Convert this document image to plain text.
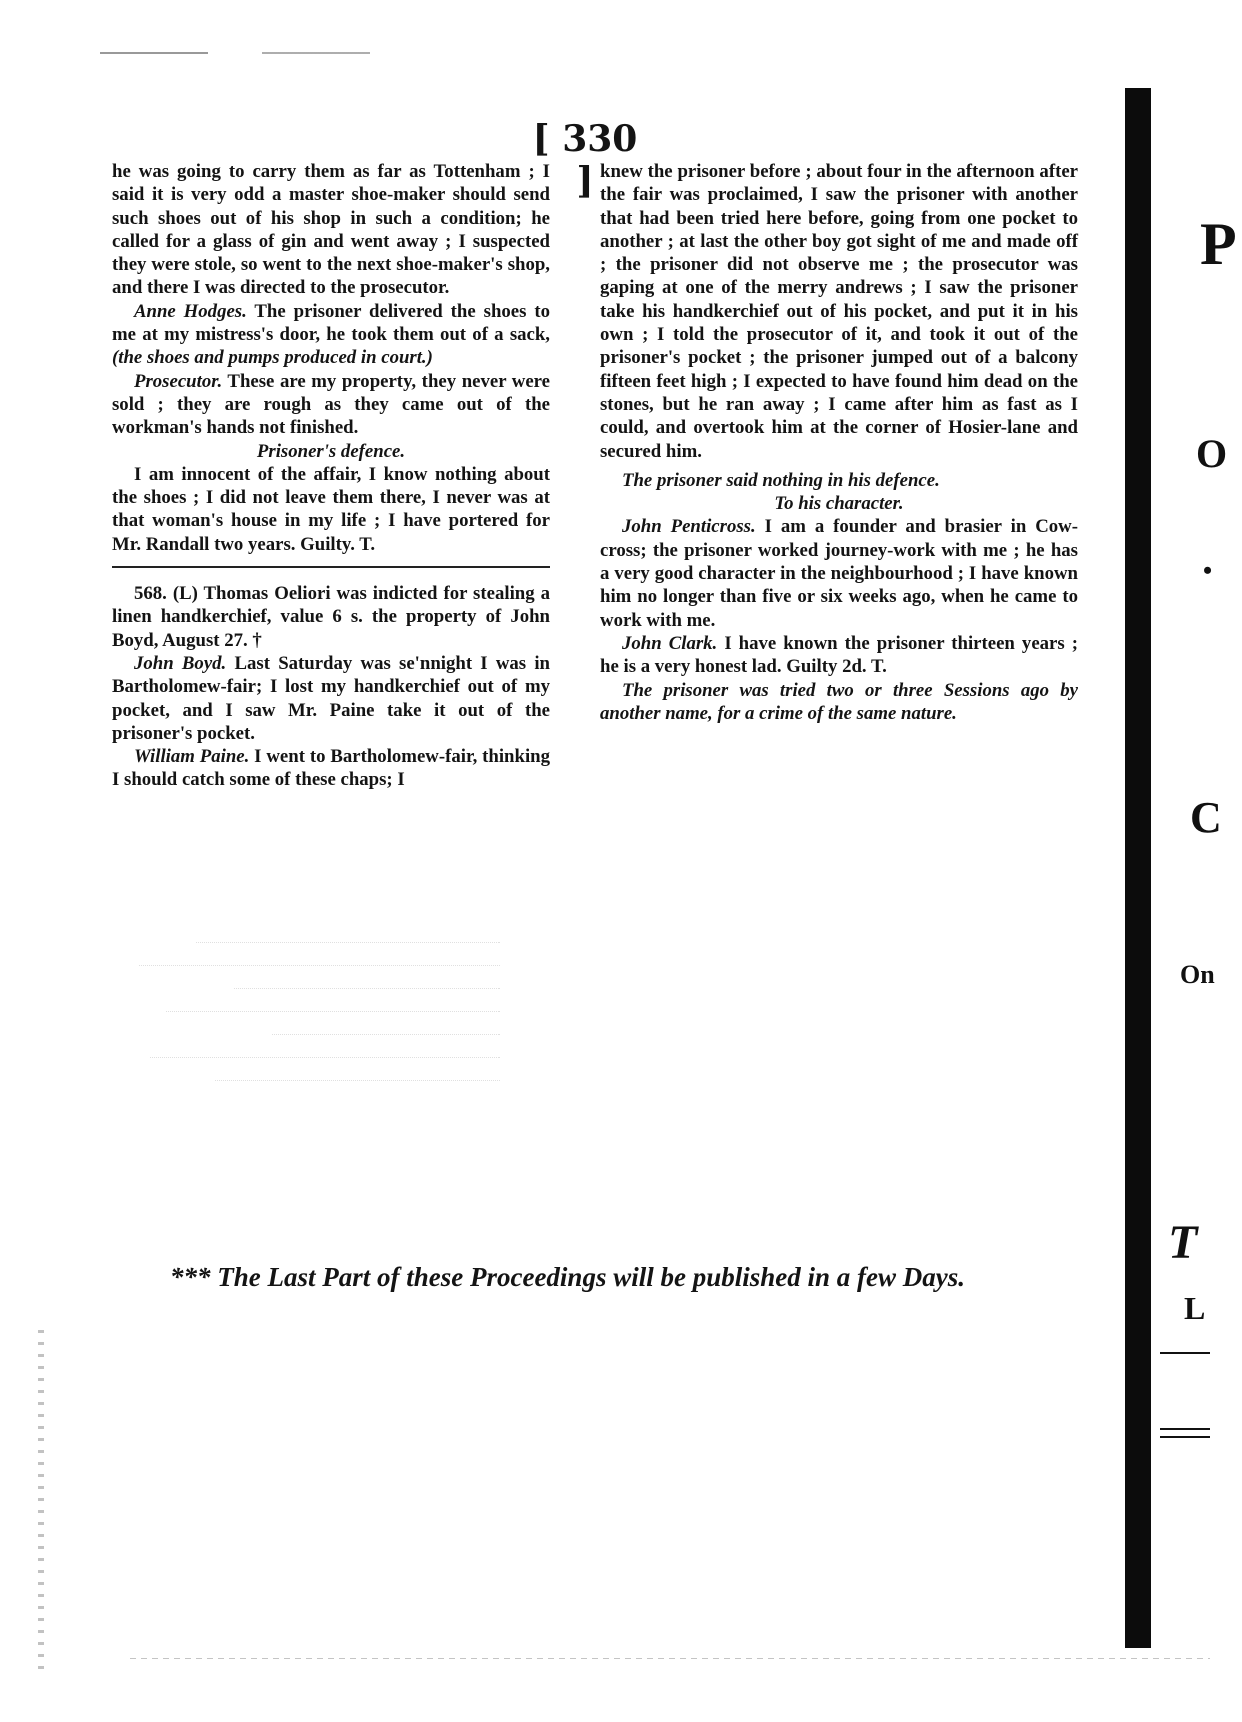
[ 330 ]

he was going to carry them as far as Tottenham ; I said it is very odd a master shoe-maker should send such shoes out of his shop in such a condition; he called for a glass of gin and went away ; I suspected they were stole, so went to the next shoe-maker's shop, and there I was directed to the prosecutor.

Anne Hodges. The prisoner delivered the shoes to me at my mistress's door, he took them out of a sack, (the shoes and pumps produced in court.)

Prosecutor. These are my property, they never were sold ; they are rough as they came out of the workman's hands not finished.

Prisoner's defence.

I am innocent of the affair, I know nothing about the shoes ; I did not leave them there, I never was at that woman's house in my life ; I have portered for Mr. Randall two years. Guilty. T.

568. (L) Thomas Oeliori was indicted for stealing a linen handkerchief, value 6 s. the property of John Boyd, August 27. †

John Boyd. Last Saturday was se'nnight I was in Bartholomew-fair; I lost my handkerchief out of my pocket, and I saw Mr. Paine take it out of the prisoner's pocket.

William Paine. I went to Bartholomew-fair, thinking I should catch some of these chaps; I

knew the prisoner before ; about four in the afternoon after the fair was proclaimed, I saw the prisoner with another that had been tried here before, going from one pocket to another ; at last the other boy got sight of me and made off ; the prisoner did not observe me ; the prosecutor was gaping at one of the merry andrews ; I saw the prisoner take his handkerchief out of his pocket, and put it in his own ; I told the prosecutor of it, and took it out of the prisoner's pocket ; the prisoner jumped out of a balcony fifteen feet high ; I expected to have found him dead on the stones, but he ran away ; I came after him as fast as I could, and overtook him at the corner of Hosier-lane and secured him.

The prisoner said nothing in his defence.

To his character.

John Penticross. I am a founder and brasier in Cow-cross; the prisoner worked journey-work with me ; he has a very good character in the neighbourhood ; I have known him no longer than five or six weeks ago, when he came to work with me.

John Clark. I have known the prisoner thirteen years ; he is a very honest lad. Guilty 2d. T.

The prisoner was tried two or three Sessions ago by another name, for a crime of the same nature.

*** The Last Part of these Proceedings will be published in a few Days.
P
O
•
C
On
T
L
